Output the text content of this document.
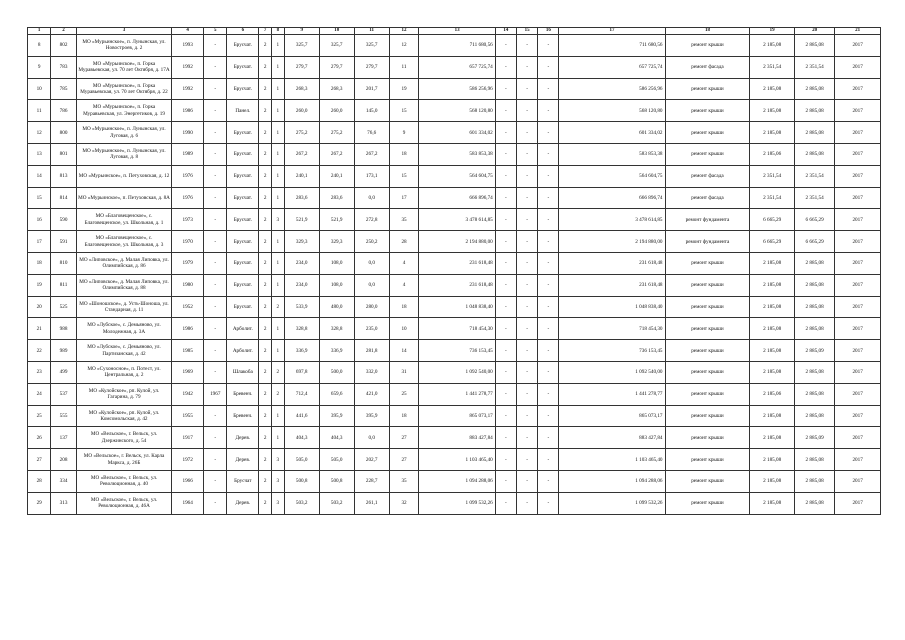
1	2	3	4	5	6	7	8	9	10	11	12	13	14	15	16	17	18	19	20	21
8	802	МО «Мурьинское», п. Лунынская, ул. Новостроев, д. 2	1993	-	Брусчат.	2	1	325,7	325,7	325,7	12	711 680,56	-	-	-	711 680,56	ремонт крыши	2 185,08	2 885,08	2017
9	783	МО «Мурьинское», п. Горка Муравьевская, ул. 70 лет Октября, д. 17А	1992	-	Брусчат.	2	1	279,7	279,7	279,7	11	657 725,74	-	-	-	657 725,74	ремонт фасада	2 351,54	2 351,54	2017
10	785	МО «Мурьинское», п. Горка Муравьевская, ул. 70 лет Октября, д. 22	1992	-	Брусчат.	2	1	268,3	268,3	201,7	19	586 256,96	-	-	-	586 256,96	ремонт крыши	2 185,08	2 885,08	2017
11	786	МО «Мурьинское», п. Горка Муравьевская, ул. Энергетиков, д. 19	1986	-	Панел.	2	1	260,0	260,0	145,0	15	568 120,80	-	-	-	568 120,80	ремонт крыши	2 185,08	2 885,08	2017
12	800	МО «Мурьинское», п. Лунынская, ул. Луговая, д. 6	1990	-	Брусчат.	2	1	275,2	275,2	76,6	9	601 334,02	-	-	-	601 334,02	ремонт крыши	2 185,08	2 885,08	2017
13	801	МО «Мурьинское», п. Лунынская, ул. Луговая, д. 8	1989	-	Брусчат.	2	1	267,2	267,2	267,2	18	583 853,38	-	-	-	583 853,38	ремонт крыши	2 185,06	2 885,08	2017
14	813	МО «Мурьинское», п. Петуховская, д. 12	1976	-	Брусчат.	2	1	240,1	240,1	173,1	15	564 604,75	-	-	-	564 604,75	ремонт фасада	2 351,54	2 351,54	2017
15	814	МО «Мурьинское», п. Петуховская, д. 8А	1976	-	Брусчат.	2	1	283,6	283,6	0,0	17	666 896,74	-	-	-	666 896,74	ремонт фасада	2 351,54	2 351,54	2017
16	590	МО «Благовещенское», с. Благовещенское, ул. Школьная, д. 1	1973	-	Брусчат.	2	3	521,9	521,9	272,8	35	3 478 614,85	-	-	-	3 478 614,85	ремонт фундамента	6 665,29	6 665,29	2017
17	591	МО «Благовещенское», с. Благовещенское, ул. Школьная, д. 3	1970	-	Брусчат.	2	1	329,3	329,3	250,2	28	2 194 880,00	-	-	-	2 194 880,00	ремонт фундамента	6 665,29	6 665,29	2017
18	810	МО «Липовское», д. Малая Липовка, ул. Олимпийская, д. 86	1979	-	Брусчат.	2	1	234,0	108,0	0,0	4	231 618,48	-	-	-	231 618,48	ремонт крыши	2 185,08	2 885,08	2017
19	811	МО «Липовское», д. Малая Липовка, ул. Олимпийская, д. 88	1980	-	Брусчат.	2	1	234,0	108,0	0,0	4	231 618,48	-	-	-	231 618,48	ремонт крыши	2 185,08	2 885,08	2017
20	525	МО «Шоношское», д. Усть-Шоноша, ул. Стандарная, д. 11	1952	-	Брусчат.	2	2	533,9	480,0	280,0	18	1 048 838,40	-	-	-	1 048 838,40	ремонт крыши	2 185,08	2 885,08	2017
21	988	МО «Лубское», с. Демьяново, ул. Молодежная, д. 3А	1986	-	Арболит.	2	1	328,8	328,8	235,0	10	718 454,30	-	-	-	718 454,30	ремонт крыши	2 185,08	2 885,08	2017
22	989	МО «Лубское», с. Демьяново, ул. Партизанская, д. 42	1985	-	Арболит.	2	1	336,9	336,9	281,8	14	736 153,45	-	-	-	736 153,45	ремонт крыши	2 185,08	2 885,09	2017
23	499	МО «Сухоносное», п. Потест, ул. Центральная, д. 2	1969	-	Шлакоба	2	2	697,8	500,0	332,0	31	1 092 540,00	-	-	-	1 092 540,00	ремонт крыши	2 185,08	2 885,08	2017
24	537	МО «Кулойское», рп. Кулой, ул. Гагарина, д. 79	1942	1967	Бревенч.	2	2	712,4	659,6	421,0	25	1 441 278,77	-	-	-	1 441 278,77	ремонт крыши	2 185,06	2 885,08	2017
25	555	МО «Кулойское», рп. Кулой, ул. Комсомольская, д. 42	1955	-	Бревенч.	2	1	441,6	395,9	395,9	18	865 073,17	-	-	-	865 073,17	ремонт крыши	2 185,08	2 885,08	2017
26	137	МО «Вельское», г. Вельск, ул. Дзержинского, д. 54	1917	-	Дерев.	2	1	404,3	404,3	0,0	27	883 427,84	-	-	-	883 427,84	ремонт крыши	2 185,08	2 885,09	2017
27	208	МО «Вельское», г. Вельск, ул. Карла Маркса, д. 26Б	1972	-	Дерев.	2	3	505,0	505,0	202,7	27	1 103 465,40	-	-	-	1 103 465,40	ремонт крыши	2 185,08	2 885,08	2017
28	334	МО «Вельское», г. Вельск, ул. Революционная, д. 40	1966	-	Брусчат	2	3	500,8	500,8	228,7	35	1 094 288,06	-	-	-	1 094 288,06	ремонт крыши	2 185,08	2 885,08	2017
29	313	МО «Вельское», г. Вельск, ул. Революционная, д. 46А	1964	-	Дерев.	2	3	503,2	503,2	261,1	32	1 099 532,26	-	-	-	1 099 532,26	ремонт крыши	2 185,08	2 885,08	2017
